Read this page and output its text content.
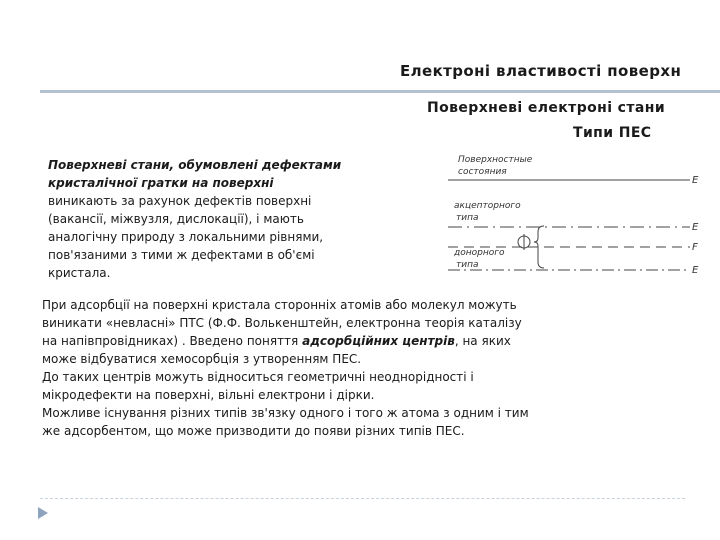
Електроні властивості поверхн
Поверхневі електроні стани
Типи ПЕС
Поверхневі стани, обумовлені дефектами
кристалічної гратки на поверхні
виникають за рахунок дефектів поверхні
(вакансії, міжвузля, дислокації), і мають
аналогічну природу з локальними рівнями,
пов'язаними з тими ж дефектами в об'ємі
кристала.
Поверхностные
состояния
акцепторного
типа
донорного
типа
E
E
F
E
При адсорбції на поверхні кристала сторонніх атомів або молекул можуть
виникати «невласні» ПТС (Ф.Ф. Волькенштейн, електронна теорія каталізу
на напівпровідниках) . Введено поняття адсорбційних центрів, на яких
може відбуватися хемосорбція з утворенням ПЕС.
До таких центрів можуть відноситься геометричні неоднорідності і
мікродефекти на поверхні, вільні електрони і дірки.
Можливе існування різних типів зв'язку одного і того ж атома з одним і тим
же адсорбентом, що може призводити до появи різних типів ПЕС.
